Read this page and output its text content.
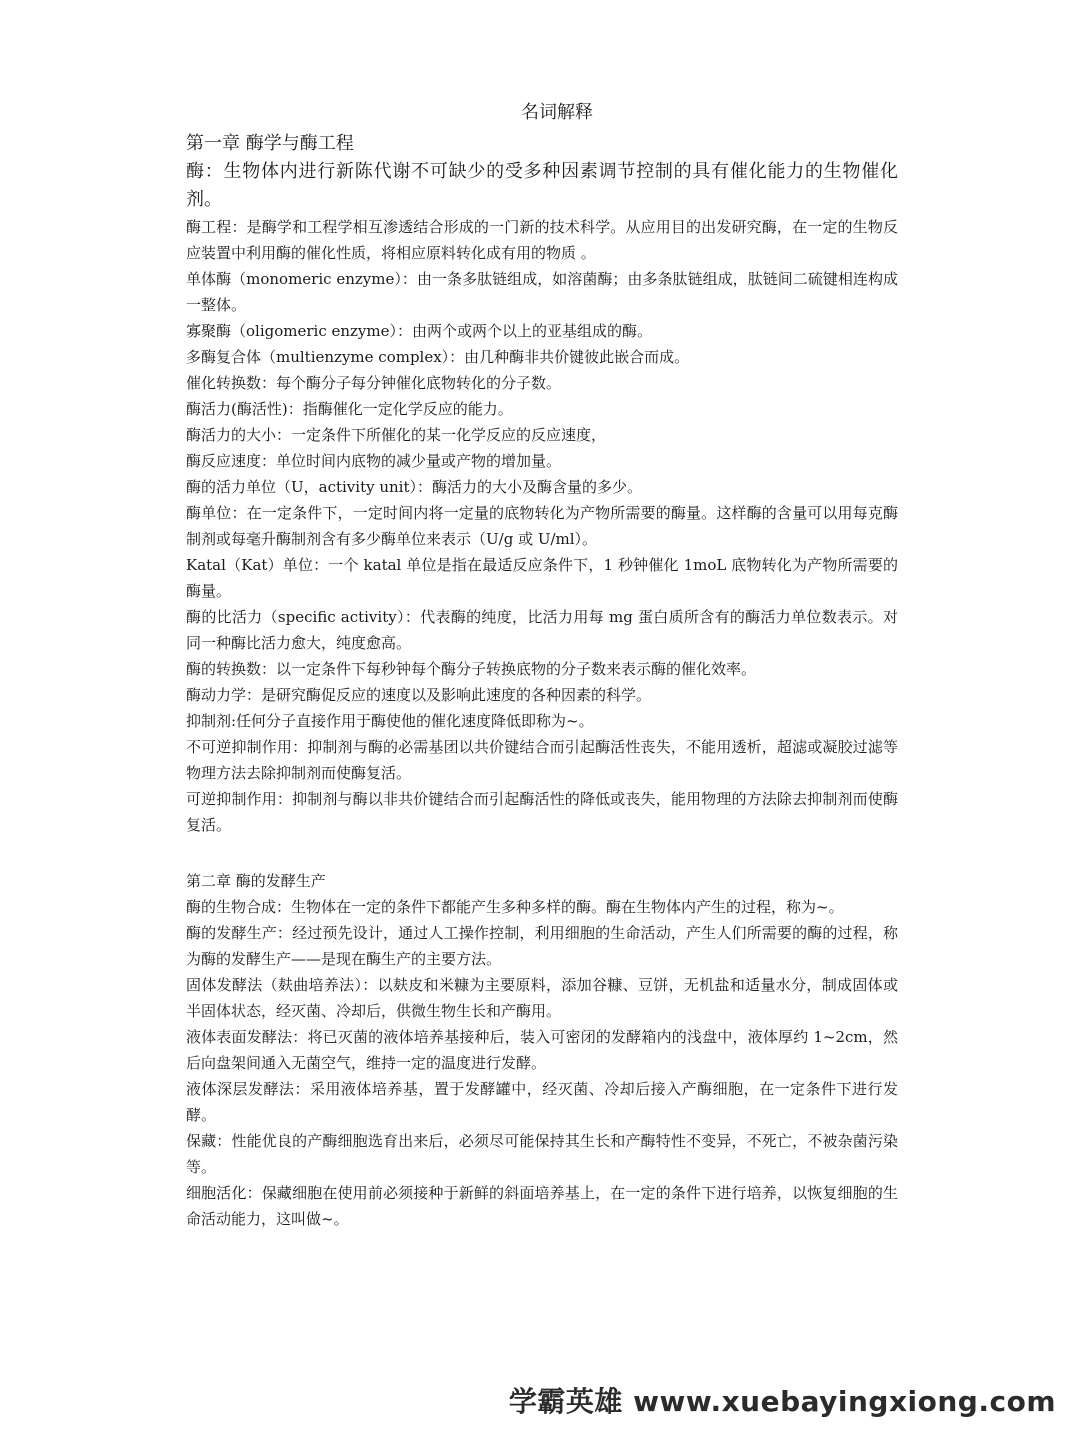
名词解释
第一章 酶学与酶工程

酶：生物体内进行新陈代谢不可缺少的受多种因素调节控制的具有催化能力的生物催化剂。

酶工程：是酶学和工程学相互渗透结合形成的一门新的技术科学。从应用目的出发研究酶，在一定的生物反应装置中利用酶的催化性质，将相应原料转化成有用的物质 。

单体酶（monomeric enzyme）：由一条多肽链组成，如溶菌酶；由多条肽链组成，肽链间二硫键相连构成一整体。

寡聚酶（oligomeric enzyme）：由两个或两个以上的亚基组成的酶。

多酶复合体（multienzyme complex）：由几种酶非共价键彼此嵌合而成。

催化转换数：每个酶分子每分钟催化底物转化的分子数。

酶活力(酶活性)：指酶催化一定化学反应的能力。

酶活力的大小：一定条件下所催化的某一化学反应的反应速度，

酶反应速度：单位时间内底物的减少量或产物的增加量。

酶的活力单位（U，activity unit）：酶活力的大小及酶含量的多少。

酶单位：在一定条件下，一定时间内将一定量的底物转化为产物所需要的酶量。这样酶的含量可以用每克酶制剂或每毫升酶制剂含有多少酶单位来表示（U/g 或 U/ml）。

Katal（Kat）单位：一个 katal 单位是指在最适反应条件下，1 秒钟催化 1moL 底物转化为产物所需要的酶量。

酶的比活力（specific activity）：代表酶的纯度，比活力用每 mg 蛋白质所含有的酶活力单位数表示。对同一种酶比活力愈大，纯度愈高。

酶的转换数：以一定条件下每秒钟每个酶分子转换底物的分子数来表示酶的催化效率。

酶动力学：是研究酶促反应的速度以及影响此速度的各种因素的科学。

抑制剂:任何分子直接作用于酶使他的催化速度降低即称为~。

不可逆抑制作用：抑制剂与酶的必需基团以共价键结合而引起酶活性丧失，不能用透析，超滤或凝胶过滤等物理方法去除抑制剂而使酶复活。

可逆抑制作用：抑制剂与酶以非共价键结合而引起酶活性的降低或丧失，能用物理的方法除去抑制剂而使酶复活。

第二章 酶的发酵生产

酶的生物合成：生物体在一定的条件下都能产生多种多样的酶。酶在生物体内产生的过程，称为~。

酶的发酵生产：经过预先设计，通过人工操作控制，利用细胞的生命活动，产生人们所需要的酶的过程，称为酶的发酵生产——是现在酶生产的主要方法。

固体发酵法（麸曲培养法）：以麸皮和米糠为主要原料，添加谷糠、豆饼，无机盐和适量水分，制成固体或半固体状态，经灭菌、冷却后，供微生物生长和产酶用。

液体表面发酵法：将已灭菌的液体培养基接种后，装入可密闭的发酵箱内的浅盘中，液体厚约 1~2cm，然后向盘架间通入无菌空气，维持一定的温度进行发酵。

液体深层发酵法：采用液体培养基，置于发酵罐中，经灭菌、冷却后接入产酶细胞，在一定条件下进行发酵。

保藏：性能优良的产酶细胞选育出来后，必须尽可能保持其生长和产酶特性不变异，不死亡，不被杂菌污染等。

细胞活化：保藏细胞在使用前必须接种于新鲜的斜面培养基上，在一定的条件下进行培养，以恢复细胞的生命活动能力，这叫做~。

学霸英雄 www.xuebayingxiong.com
